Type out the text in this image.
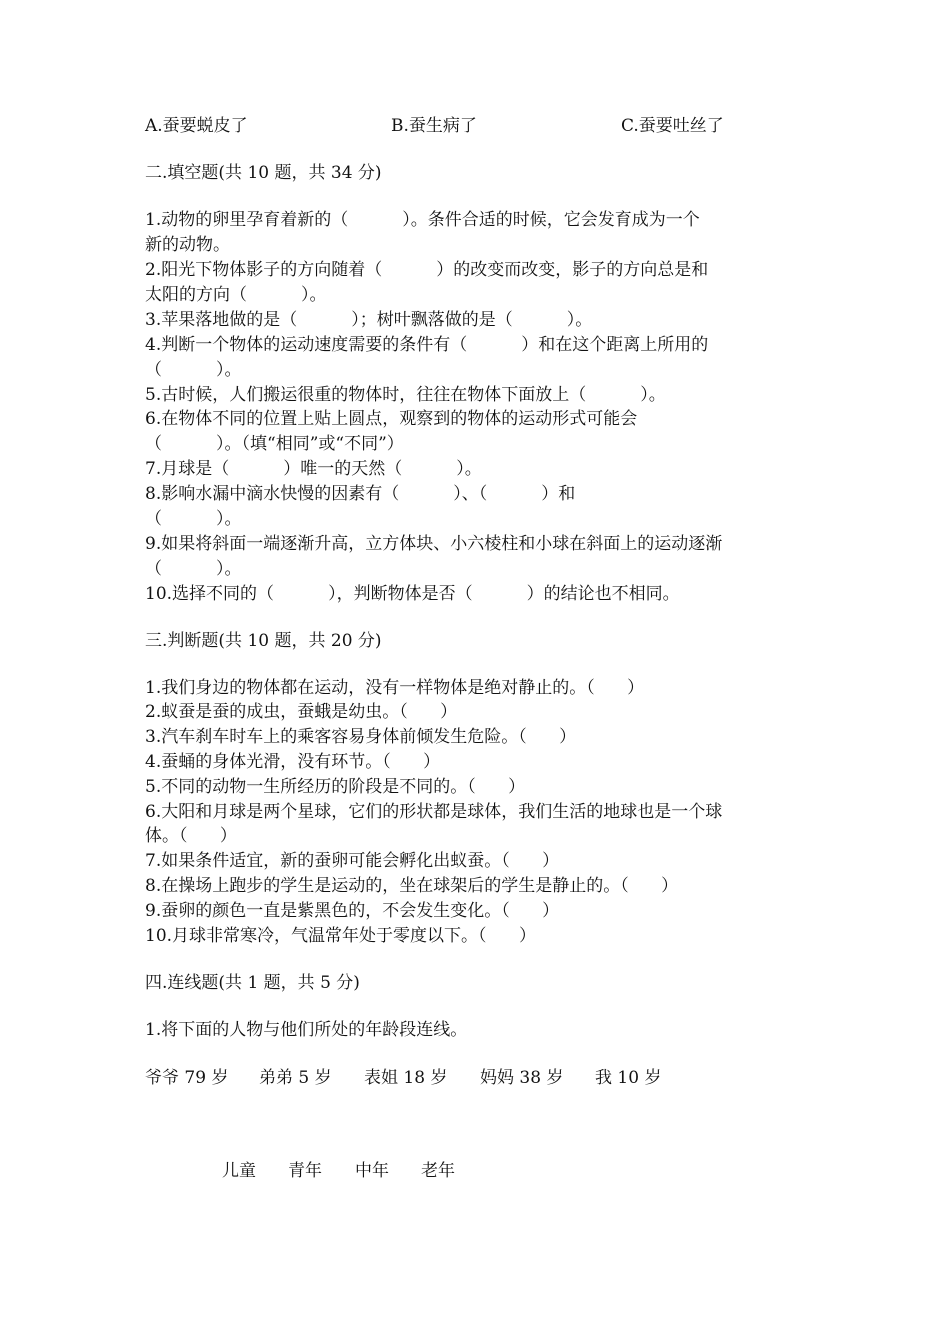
A.蚕要蜕皮了	B.蚕生病了	C.蚕要吐丝了
二.填空题(共 10 题，共 34 分)
1.动物的卵里孕育着新的（          ）。条件合适的时候，它会发育成为一个
新的动物。
2.阳光下物体影子的方向随着（          ）的改变而改变，影子的方向总是和
太阳的方向（          ）。
3.苹果落地做的是（          ）；树叶飘落做的是（          ）。
4.判断一个物体的运动速度需要的条件有（          ）和在这个距离上所用的
（          ）。
5.古时候，人们搬运很重的物体时，往往在物体下面放上（          ）。
6.在物体不同的位置上贴上圆点，观察到的物体的运动形式可能会
（          ）。（填“相同”或“不同”）
7.月球是（          ）唯一的天然（          ）。
8.影响水漏中滴水快慢的因素有（          ）、（          ）和
（          ）。
9.如果将斜面一端逐渐升高，立方体块、小六棱柱和小球在斜面上的运动逐渐
（          ）。
10.选择不同的（          ），判断物体是否（          ）的结论也不相同。
三.判断题(共 10 题，共 20 分)
1.我们身边的物体都在运动，没有一样物体是绝对静止的。（      ）
2.蚁蚕是蚕的成虫，蚕蛾是幼虫。（      ）
3.汽车刹车时车上的乘客容易身体前倾发生危险。（      ）
4.蚕蛹的身体光滑，没有环节。（      ）
5.不同的动物一生所经历的阶段是不同的。（      ）
6.大阳和月球是两个星球，它们的形状都是球体，我们生活的地球也是一个球
体。（      ）
7.如果条件适宜，新的蚕卵可能会孵化出蚁蚕。（      ）
8.在操场上跑步的学生是运动的，坐在球架后的学生是静止的。（      ）
9.蚕卵的颜色一直是紫黑色的，不会发生变化。（      ）
10.月球非常寒冷，气温常年处于零度以下。（      ）
四.连线题(共 1 题，共 5 分)
1.将下面的人物与他们所处的年龄段连线。
爷爷 79 岁 弟弟 5 岁 表姐 18 岁 妈妈 38 岁 我 10 岁
儿童 青年 中年 老年
